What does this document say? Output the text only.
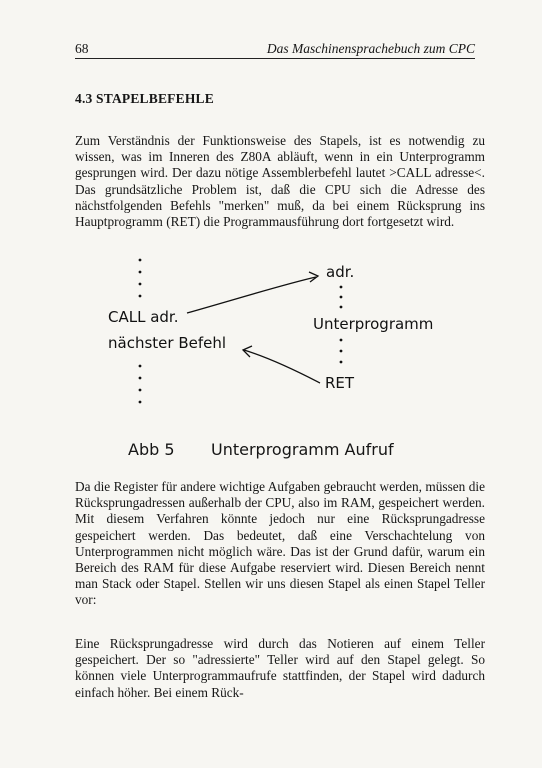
68	Das Maschinensprachebuch zum CPC
4.3 STAPELBEFEHLE

Zum Verständnis der Funktionsweise des Stapels, ist es notwendig zu wissen, was im Inneren des Z80A abläuft, wenn in ein Unterprogramm gesprungen wird. Der dazu nötige Assemblerbefehl lautet >CALL adresse<. Das grundsätzliche Problem ist, daß die CPU sich die Adresse des nächstfolgenden Befehls "merken" muß, da bei einem Rücksprung ins Hauptprogramm (RET) die Programmausführung dort fortgesetzt wird.

CALL adr.
nächster Befehl
adr.
Unterprogramm
RET
Abb 5 Unterprogramm Aufruf

Da die Register für andere wichtige Aufgaben gebraucht werden, müssen die Rücksprungadressen außerhalb der CPU, also im RAM, gespeichert werden. Mit diesem Verfahren könnte jedoch nur eine Rücksprungadresse gespeichert werden. Das bedeutet, daß eine Verschachtelung von Unterprogrammen nicht möglich wäre. Das ist der Grund dafür, warum ein Bereich des RAM für diese Aufgabe reserviert wird. Diesen Bereich nennt man Stack oder Stapel. Stellen wir uns diesen Stapel als einen Stapel Teller vor:

Eine Rücksprungadresse wird durch das Notieren auf einem Teller gespeichert. Der so "adressierte" Teller wird auf den Stapel gelegt. So können viele Unterprogrammaufrufe stattfinden, der Stapel wird dadurch einfach höher. Bei einem Rück-
